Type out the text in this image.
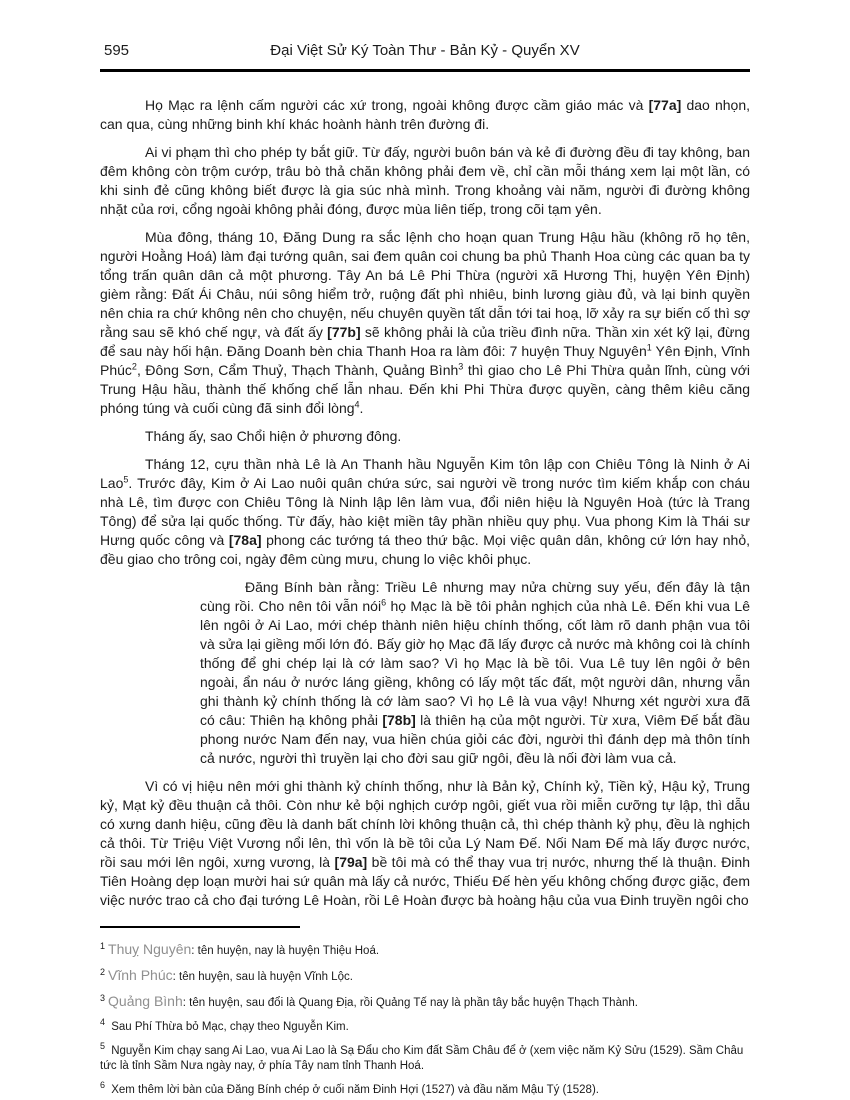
595	Đại Việt Sử Ký Toàn Thư - Bản Kỷ - Quyển XV

Họ Mạc ra lệnh cấm người các xứ trong, ngoài không được cầm giáo mác và [77a] dao nhọn, can qua, cùng những binh khí khác hoành hành trên đường đi.

Ai vi phạm thì cho phép ty bắt giữ. Từ đấy, người buôn bán và kẻ đi đường đều đi tay không, ban đêm không còn trộm cướp, trâu bò thả chăn không phải đem về, chỉ cần mỗi tháng xem lại một lần, có khi sinh đẻ cũng không biết được là gia súc nhà mình. Trong khoảng vài năm, người đi đường không nhặt của rơi, cổng ngoài không phải đóng, được mùa liên tiếp, trong cõi tạm yên.

Mùa đông, tháng 10, Đăng Dung ra sắc lệnh cho hoạn quan Trung Hậu hầu (không rõ họ tên, người Hoằng Hoá) làm đại tướng quân, sai đem quân coi chung ba phủ Thanh Hoa cùng các quan ba ty tổng trấn quân dân cả một phương. Tây An bá Lê Phi Thừa (người xã Hương Thị, huyện Yên Định) gièm rằng: Đất Ái Châu, núi sông hiểm trở, ruộng đất phì nhiêu, binh lương giàu đủ, và lại binh quyền nên chia ra chứ không nên cho chuyện, nếu chuyên quyền tất dẫn tới tai hoạ, lỡ xảy ra sự biến cố thì sợ rằng sau sẽ khó chế ngự, và đất ấy [77b] sẽ không phải là của triều đình nữa. Thần xin xét kỹ lại, đừng để sau này hối hận. Đăng Doanh bèn chia Thanh Hoa ra làm đôi: 7 huyện Thuỵ Nguyên$^1$ Yên Định, Vĩnh Phúc$^2$, Đông Sơn, Cẩm Thuỷ, Thạch Thành, Quảng Bình$^3$ thì giao cho Lê Phi Thừa quản lĩnh, cùng với Trung Hậu hầu, thành thế khống chế lẫn nhau. Đến khi Phi Thừa được quyền, càng thêm kiêu căng phóng túng và cuối cùng đã sinh đổi lòng$^4$.

Tháng ấy, sao Chổi hiện ở phương đông.

Tháng 12, cựu thần nhà Lê là An Thanh hầu Nguyễn Kim tôn lập con Chiêu Tông là Ninh ở Ai Lao$^5$. Trước đây, Kim ở Ai Lao nuôi quân chứa sức, sai người về trong nước tìm kiếm khắp con cháu nhà Lê, tìm được con Chiêu Tông là Ninh lập lên làm vua, đổi niên hiệu là Nguyên Hoà (tức là Trang Tông) để sửa lại quốc thống. Từ đấy, hào kiệt miền tây phần nhiều quy phụ. Vua phong Kim là Thái sư Hưng quốc công và [78a] phong các tướng tá theo thứ bậc. Mọi việc quân dân, không cứ lớn hay nhỏ, đều giao cho trông coi, ngày đêm cùng mưu, chung lo việc khôi phục.

Đăng Bính bàn rằng: Triều Lê nhưng may nửa chừng suy yếu, đến đây là tận cùng rồi. Cho nên tôi vẫn nói$^6$ họ Mạc là bề tôi phản nghịch của nhà Lê. Đến khi vua Lê lên ngôi ở Ai Lao, mới chép thành niên hiệu chính thống, cốt làm rõ danh phận vua tôi và sửa lại giềng mối lớn đó. Bấy giờ họ Mạc đã lấy được cả nước mà không coi là chính thống để ghi chép lại là cớ làm sao? Vì họ Mạc là bề tôi. Vua Lê tuy lên ngôi ở bên ngoài, ẩn náu ở nước láng giềng, không có lấy một tấc đất, một người dân, nhưng vẫn ghi thành kỷ chính thống là cớ làm sao? Vì họ Lê là vua vậy! Nhưng xét người xưa đã có câu: Thiên hạ không phải [78b] là thiên hạ của một người. Từ xưa, Viêm Đế bắt đầu phong nước Nam đến nay, vua hiền chúa giỏi các đời, người thì đánh dẹp mà thôn tính cả nước, người thì truyền lại cho đời sau giữ ngôi, đều là nối đời làm vua cả.

Vì có vị hiệu nên mới ghi thành kỷ chính thống, như là Bản kỷ, Chính kỷ, Tiền kỷ, Hậu kỷ, Trung kỷ, Mạt kỷ đều thuận cả thôi. Còn như kẻ bội nghịch cướp ngôi, giết vua rồi miễn cưỡng tự lập, thì dẫu có xưng danh hiệu, cũng đều là danh bất chính lời không thuận cả, thì chép thành kỷ phụ, đều là nghịch cả thôi. Từ Triệu Việt Vương nổi lên, thì vốn là bề tôi của Lý Nam Đế. Nối Nam Đế mà lấy được nước, rồi sau mới lên ngôi, xưng vương, là [79a] bề tôi mà có thể thay vua trị nước, nhưng thế là thuận. Đinh Tiên Hoàng dẹp loạn mười hai sứ quân mà lấy cả nước, Thiếu Đế hèn yếu không chống được giặc, đem việc nước trao cả cho đại tướng Lê Hoàn, rồi Lê Hoàn được bà hoàng hậu của vua Đinh truyền ngôi cho

$^1$ Thuỵ Nguyên: tên huyện, nay là huyện Thiệu Hoá.
$^2$ Vĩnh Phúc: tên huyện, sau là huyện Vĩnh Lộc.
$^3$ Quảng Bình: tên huyện, sau đổi là Quang Địa, rồi Quảng Tế nay là phần tây bắc huyện Thạch Thành.
$^4$ Sau Phí Thừa bỏ Mạc, chạy theo Nguyễn Kim.
$^5$ Nguyễn Kim chạy sang Ai Lao, vua Ai Lao là Sạ Đẩu cho Kim đất Sầm Châu để ở (xem việc năm Kỷ Sửu (1529). Sầm Châu tức là tỉnh Sầm Nưa ngày nay, ở phía Tây nam tỉnh Thanh Hoá.
$^6$ Xem thêm lời bàn của Đăng Bính chép ở cuối năm Đinh Hợi (1527) và đầu năm Mậu Tý (1528).
